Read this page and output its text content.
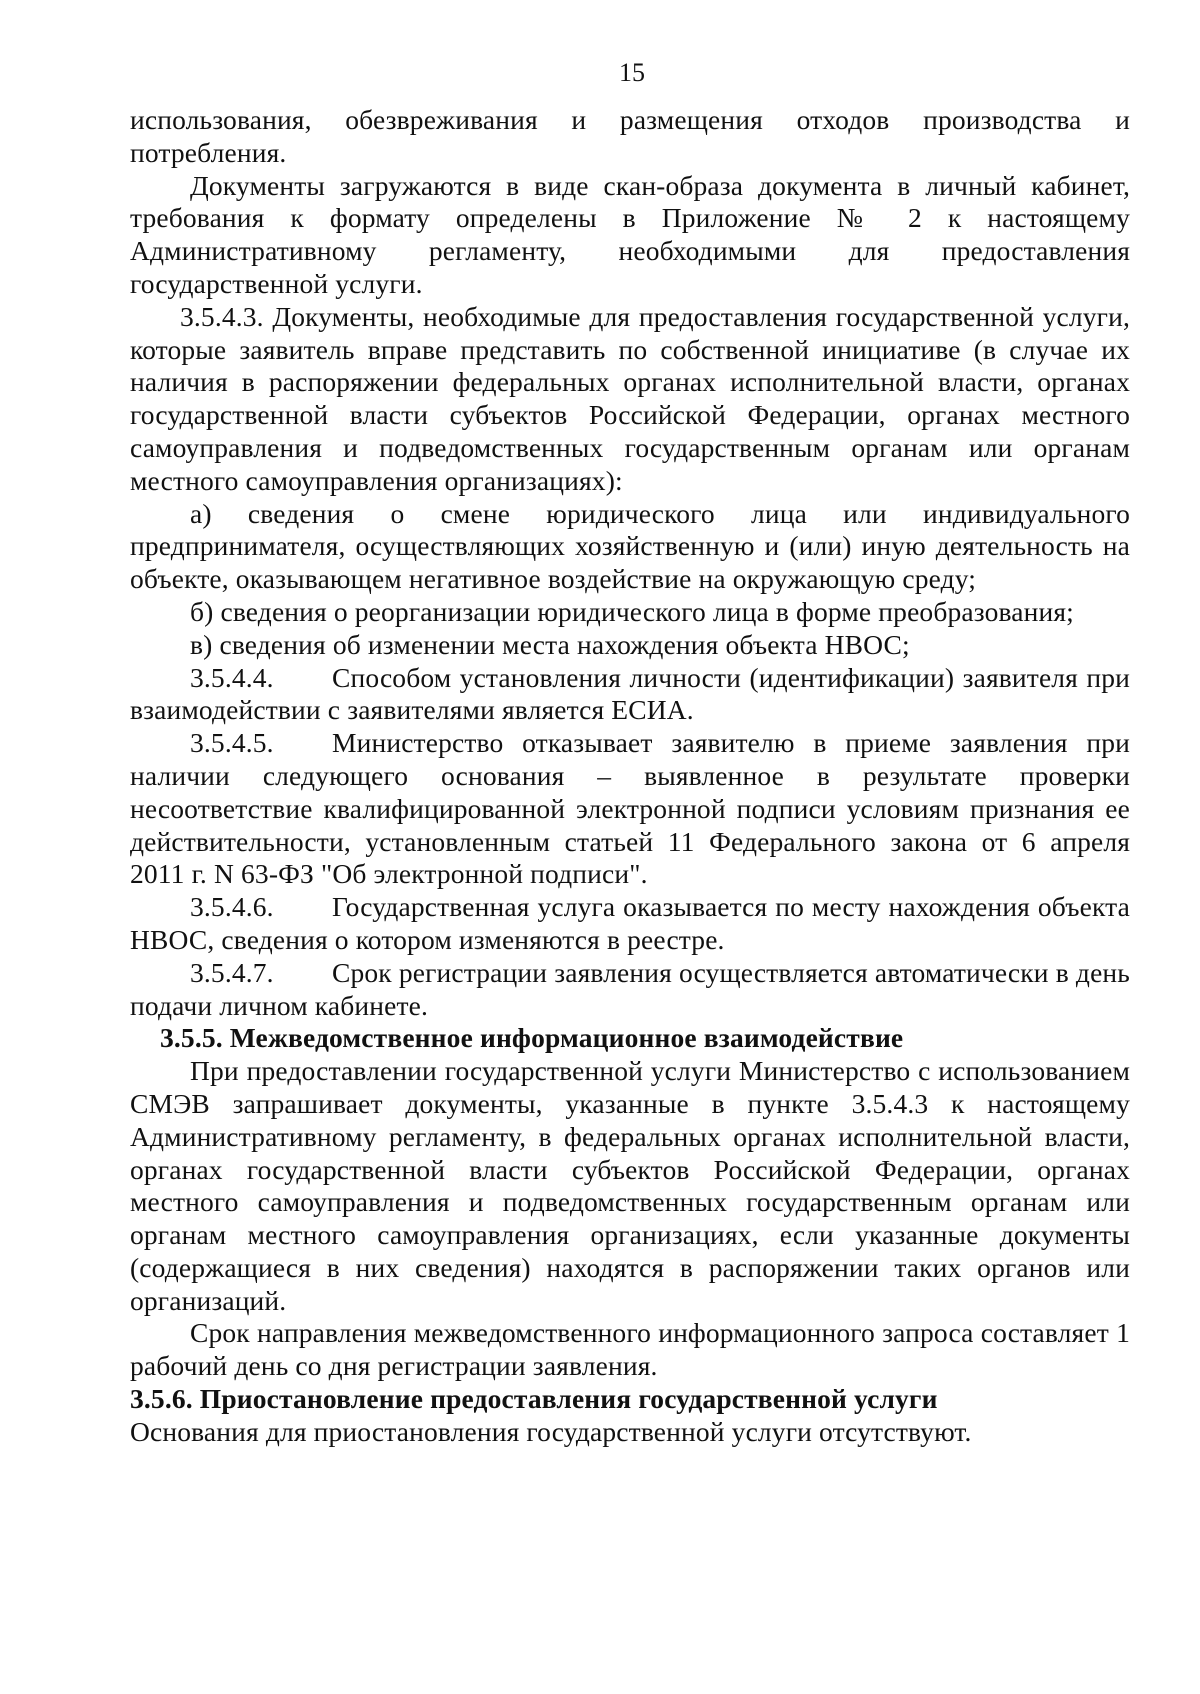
15

использования, обезвреживания и размещения отходов производства и потребления.

Документы загружаются в виде скан-образа документа в личный кабинет, требования к формату определены в Приложение № 2 к настоящему Административному регламенту, необходимыми для предоставления государственной услуги.

3.5.4.3. Документы, необходимые для предоставления государственной услуги, которые заявитель вправе представить по собственной инициативе (в случае их наличия в распоряжении федеральных органах исполнительной власти, органах государственной власти субъектов Российской Федерации, органах местного самоуправления и подведомственных государственным органам или органам местного самоуправления организациях):

а) сведения о смене юридического лица или индивидуального предпринимателя, осуществляющих хозяйственную и (или) иную деятельность на объекте, оказывающем негативное воздействие на окружающую среду;

б) сведения о реорганизации юридического лица в форме преобразования;

в) сведения об изменении места нахождения объекта НВОС;

3.5.4.4. Способом установления личности (идентификации) заявителя при взаимодействии с заявителями является ЕСИА.

3.5.4.5. Министерство отказывает заявителю в приеме заявления при наличии следующего основания – выявленное в результате проверки несоответствие квалифицированной электронной подписи условиям признания ее действительности, установленным статьей 11 Федерального закона от 6 апреля 2011 г. N 63-ФЗ "Об электронной подписи".

3.5.4.6. Государственная услуга оказывается по месту нахождения объекта НВОС, сведения о котором изменяются в реестре.

3.5.4.7. Срок регистрации заявления осуществляется автоматически в день подачи личном кабинете.

3.5.5. Межведомственное информационное взаимодействие

При предоставлении государственной услуги Министерство с использованием СМЭВ запрашивает документы, указанные в пункте 3.5.4.3 к настоящему Административному регламенту, в федеральных органах исполнительной власти, органах государственной власти субъектов Российской Федерации, органах местного самоуправления и подведомственных государственным органам или органам местного самоуправления организациях, если указанные документы (содержащиеся в них сведения) находятся в распоряжении таких органов или организаций.

Срок направления межведомственного информационного запроса составляет 1 рабочий день со дня регистрации заявления.

3.5.6. Приостановление предоставления государственной услуги

Основания для приостановления государственной услуги отсутствуют.
